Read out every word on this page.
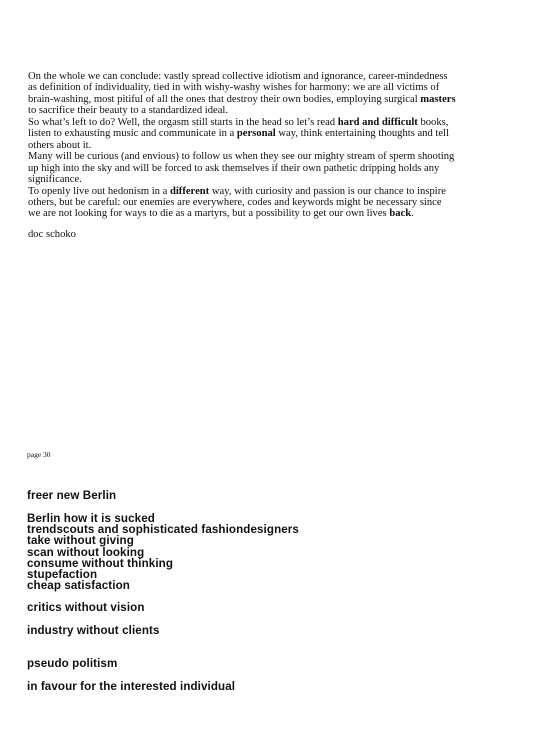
On the whole we can conclude: vastly spread collective idiotism and ignorance, career-mindedness

as definition of individuality, tied in with wishy-washy wishes for harmony: we are all victims of

brain-washing, most pitiful of all the ones that destroy their own bodies, employing surgical masters

to sacrifice their beauty to a standardized ideal.

So what’s left to do? Well, the orgasm still starts in the head so let’s read hard and difficult books,

listen to exhausting music and communicate in a personal way, think entertaining thoughts and tell

others about it.

Many will be curious (and envious) to follow us when they see our mighty stream of sperm shooting

up high into the sky and will be forced to ask themselves if their own pathetic dripping holds any

significance.

To openly live out hedonism in a different way, with curiosity and passion is our chance to inspire

others, but be careful: our enemies are everywhere, codes and keywords might be necessary since

we are not looking for ways to die as a martyrs, but a possibility to get our own lives back.

doc schoko
page 30
freer new Berlin
Berlin how it is sucked
trendscouts and sophisticated fashiondesigners
take without giving
scan without looking
consume without thinking
stupefaction
cheap satisfaction
critics without vision
industry without clients
pseudo politism
in favour for the interested individual
